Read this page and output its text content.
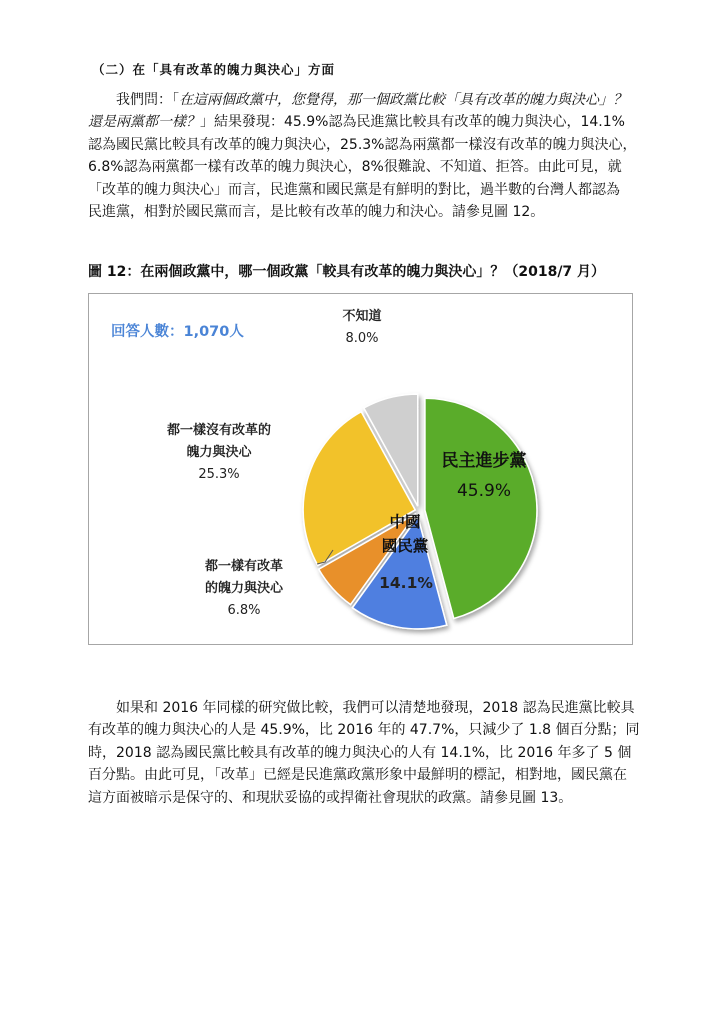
（二）在「具有改革的魄力與決心」方面
我們問：「在這兩個政黨中，您覺得，那一個政黨比較「具有改革的魄力與決心」？
還是兩黨都一樣？」結果發現：45.9%認為民進黨比較具有改革的魄力與決心，14.1%
認為國民黨比較具有改革的魄力與決心，25.3%認為兩黨都一樣沒有改革的魄力與決心，
6.8%認為兩黨都一樣有改革的魄力與決心，8%很難說、不知道、拒答。由此可見，就
「改革的魄力與決心」而言，民進黨和國民黨是有鮮明的對比，過半數的台灣人都認為
民進黨，相對於國民黨而言，是比較有改革的魄力和決心。請參見圖 12。
圖 12：在兩個政黨中，哪一個政黨「較具有改革的魄力與決心」？（2018/7 月）
回答人數：1,070人
不知道
8.0%
都一樣沒有改革的
魄力與決心
25.3%
都一樣有改革
的魄力與決心
6.8%
民主進步黨
45.9%
中國
國民黨
14.1%
如果和 2016 年同樣的研究做比較，我們可以清楚地發現，2018 認為民進黨比較具
有改革的魄力與決心的人是 45.9%，比 2016 年的 47.7%，只減少了 1.8 個百分點；同
時，2018 認為國民黨比較具有改革的魄力與決心的人有 14.1%，比 2016 年多了 5 個
百分點。由此可見，「改革」已經是民進黨政黨形象中最鮮明的標記，相對地，國民黨在
這方面被暗示是保守的、和現狀妥協的或捍衛社會現狀的政黨。請參見圖 13。
